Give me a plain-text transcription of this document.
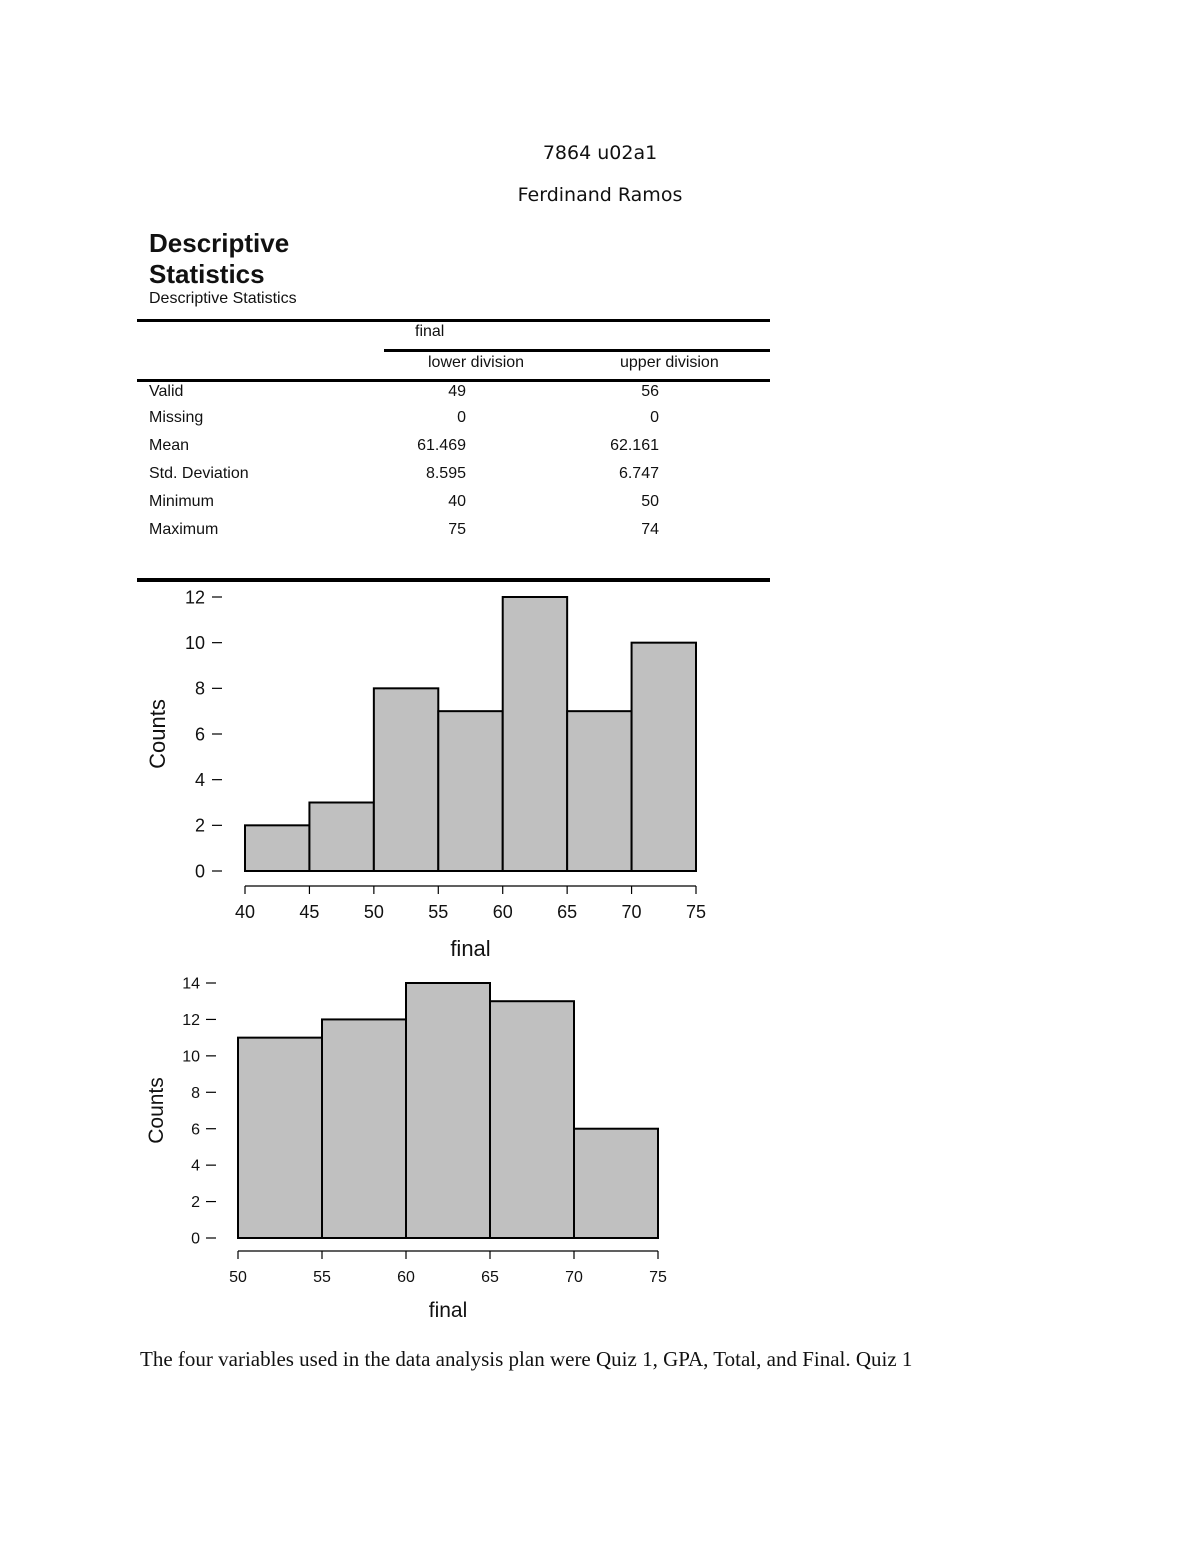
7864 u02a1
Ferdinand Ramos
Descriptive Statistics
Descriptive Statistics
final
lower division	upper division
Valid	49	56
Missing	0	0
Mean	61.469	62.161
Std. Deviation	8.595	6.747
Minimum	40	50
Maximum	75	74
0
2
4
6
8
10
12
40 45 50 55 60 65 70 75
final
Counts
0
2
4
6
8
10
12
14
50	55	60	65	70	75
final
Counts
The four variables used in the data analysis plan were Quiz 1, GPA, Total, and Final. Quiz 1
